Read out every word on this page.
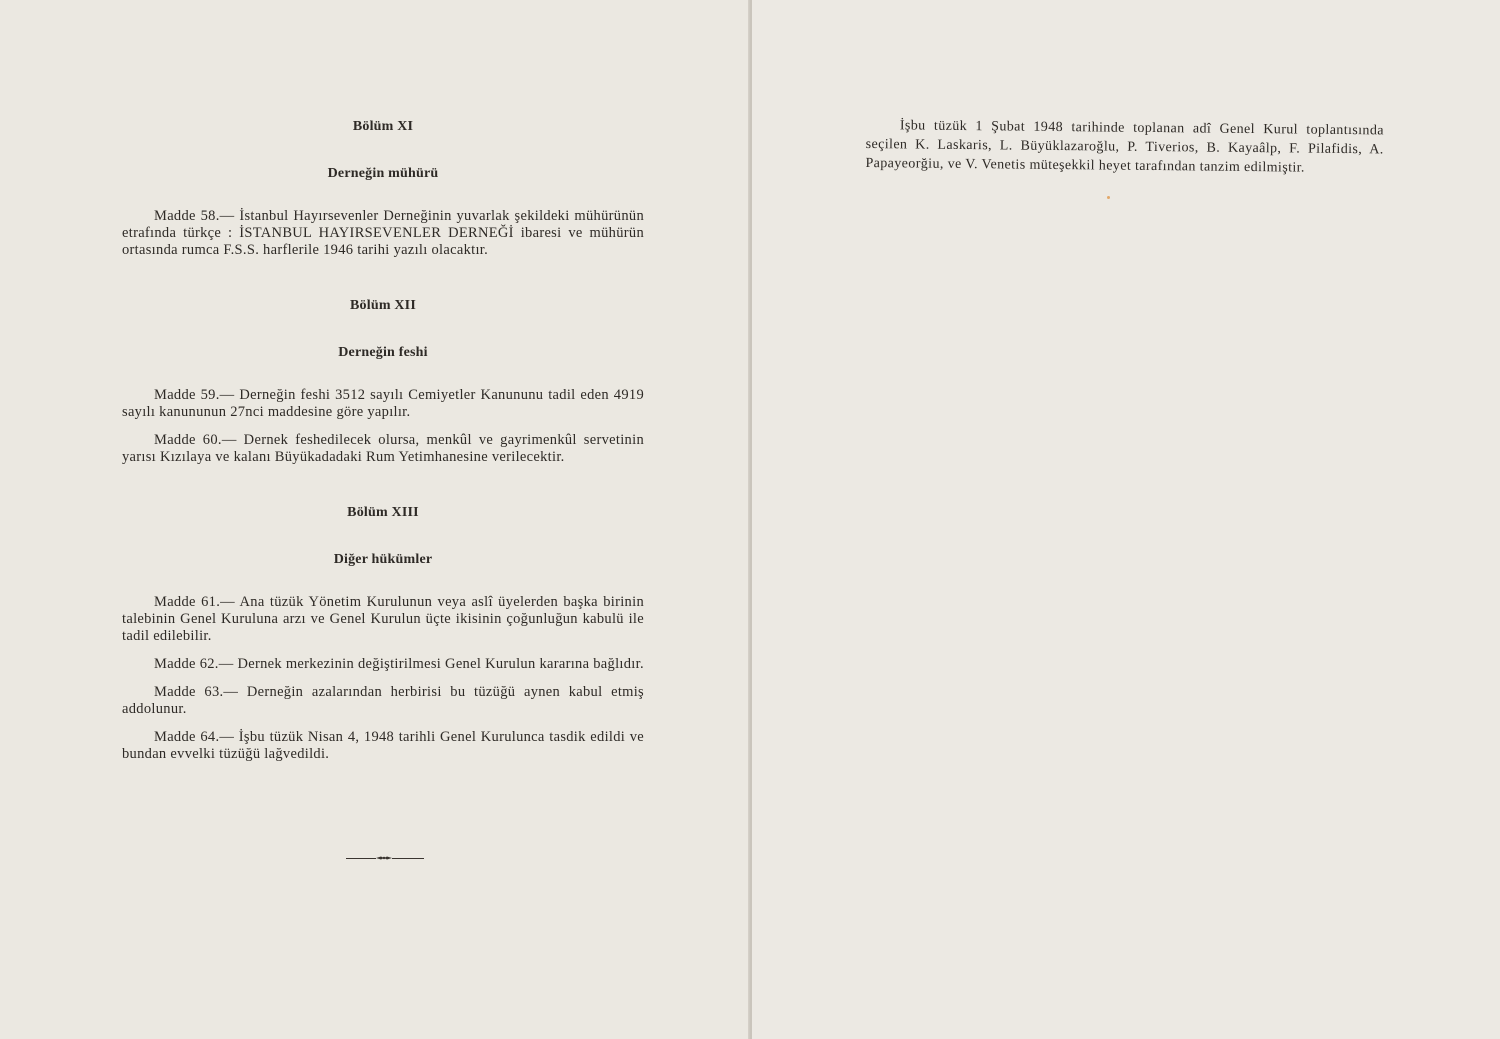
Bölüm XI
Derneğin mühürü

Madde 58.— İstanbul Hayırsevenler Derneğinin yuvarlak şekildeki mühürünün etrafında türkçe : İSTANBUL HAYIRSEVENLER DERNEĞİ ibaresi ve mühürün ortasında rumca F.S.S. harflerile 1946 tarihi yazılı olacaktır.

Bölüm XII
Derneğin feshi

Madde 59.— Derneğin feshi 3512 sayılı Cemiyetler Kanununu tadil eden 4919 sayılı kanununun 27nci maddesine göre yapılır.

Madde 60.— Dernek feshedilecek olursa, menkûl ve gayrimenkûl servetinin yarısı Kızılaya ve kalanı Büyükadadaki Rum Yetimhanesine verilecektir.

Bölüm XIII
Diğer hükümler

Madde 61.— Ana tüzük Yönetim Kurulunun veya aslî üyelerden başka birinin talebinin Genel Kuruluna arzı ve Genel Kurulun üçte ikisinin çoğunluğun kabulü ile tadil edilebilir.

Madde 62.— Dernek merkezinin değiştirilmesi Genel Kurulun kararına bağlıdır.

Madde 63.— Derneğin azalarından herbirisi bu tüzüğü aynen kabul etmiş addolunur.

Madde 64.— İşbu tüzük Nisan 4, 1948 tarihli Genel Kurulunca tasdik edildi ve bundan evvelki tüzüğü lağvedildi.

İşbu tüzük 1 Şubat 1948 tarihinde toplanan adî Genel Kurul toplantısında seçilen K. Laskaris, L. Büyüklazaroğlu, P. Tiverios, B. Kayaâlp, F. Pilafidis, A. Papayeorğiu, ve V. Venetis müteşekkil heyet tarafından tanzim edilmiştir.
